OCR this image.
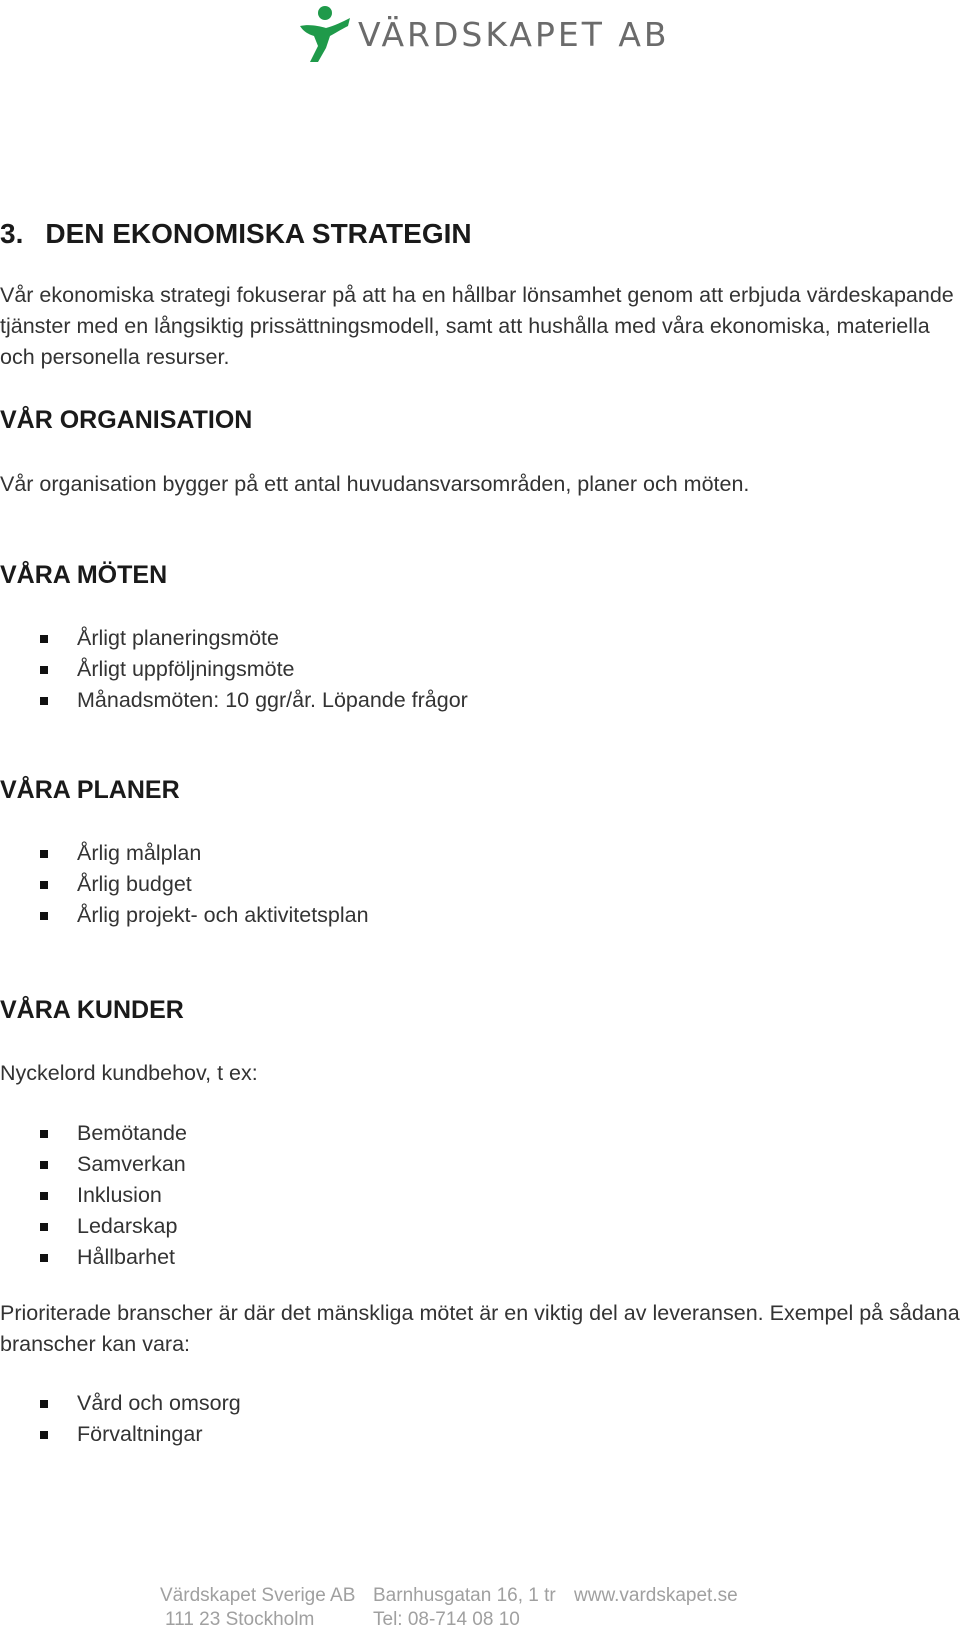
VÄRDSKAPET AB
3. DEN EKONOMISKA STRATEGIN
Vår ekonomiska strategi fokuserar på att ha en hållbar lönsamhet genom att erbjuda värdeskapande tjänster med en långsiktig prissättningsmodell, samt att hushålla med våra ekonomiska, materiella och personella resurser.
VÅR ORGANISATION
Vår organisation bygger på ett antal huvudansvarsområden, planer och möten.
VÅRA MÖTEN
Årligt planeringsmöte
Årligt uppföljningsmöte
Månadsmöten: 10 ggr/år. Löpande frågor
VÅRA PLANER
Årlig målplan
Årlig budget
Årlig projekt- och aktivitetsplan
VÅRA KUNDER
Nyckelord kundbehov, t ex:
Bemötande
Samverkan
Inklusion
Ledarskap
Hållbarhet
Prioriterade branscher är där det mänskliga mötet är en viktig del av leveransen. Exempel på sådana branscher kan vara:
Vård och omsorg
Förvaltningar
Värdskapet Sverige AB Barnhusgatan 16, 1 tr www.vardskapet.se
111 23 Stockholm	Tel: 08-714 08 10
